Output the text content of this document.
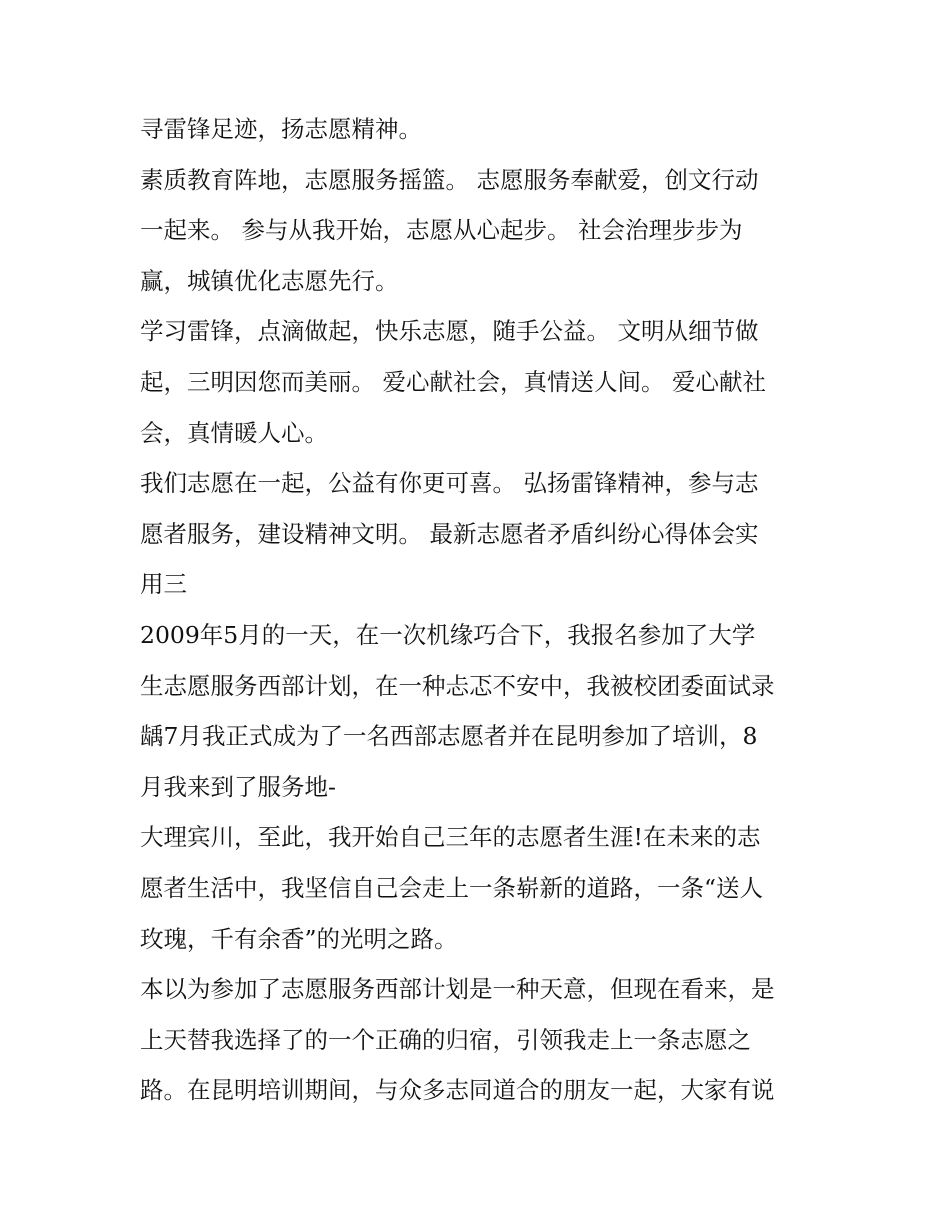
寻雷锋足迹，扬志愿精神。

素质教育阵地，志愿服务摇篮。 志愿服务奉献爱，创文行动

一起来。 参与从我开始，志愿从心起步。 社会治理步步为

赢，城镇优化志愿先行。

学习雷锋，点滴做起，快乐志愿，随手公益。 文明从细节做

起，三明因您而美丽。 爱心献社会，真情送人间。 爱心献社

会，真情暖人心。

我们志愿在一起，公益有你更可喜。 弘扬雷锋精神，参与志

愿者服务，建设精神文明。 最新志愿者矛盾纠纷心得体会实

用三

2009年5月的一天，在一次机缘巧合下，我报名参加了大学

生志愿服务西部计划，在一种忐忑不安中，我被校团委面试录

龋7月我正式成为了一名西部志愿者并在昆明参加了培训，8

月我来到了服务地-

大理宾川，至此，我开始自己三年的志愿者生涯!在未来的志

愿者生活中，我坚信自己会走上一条崭新的道路，一条“送人

玫瑰，千有余香”的光明之路。

本以为参加了志愿服务西部计划是一种天意，但现在看来，是

上天替我选择了的一个正确的归宿，引领我走上一条志愿之

路。在昆明培训期间，与众多志同道合的朋友一起，大家有说
